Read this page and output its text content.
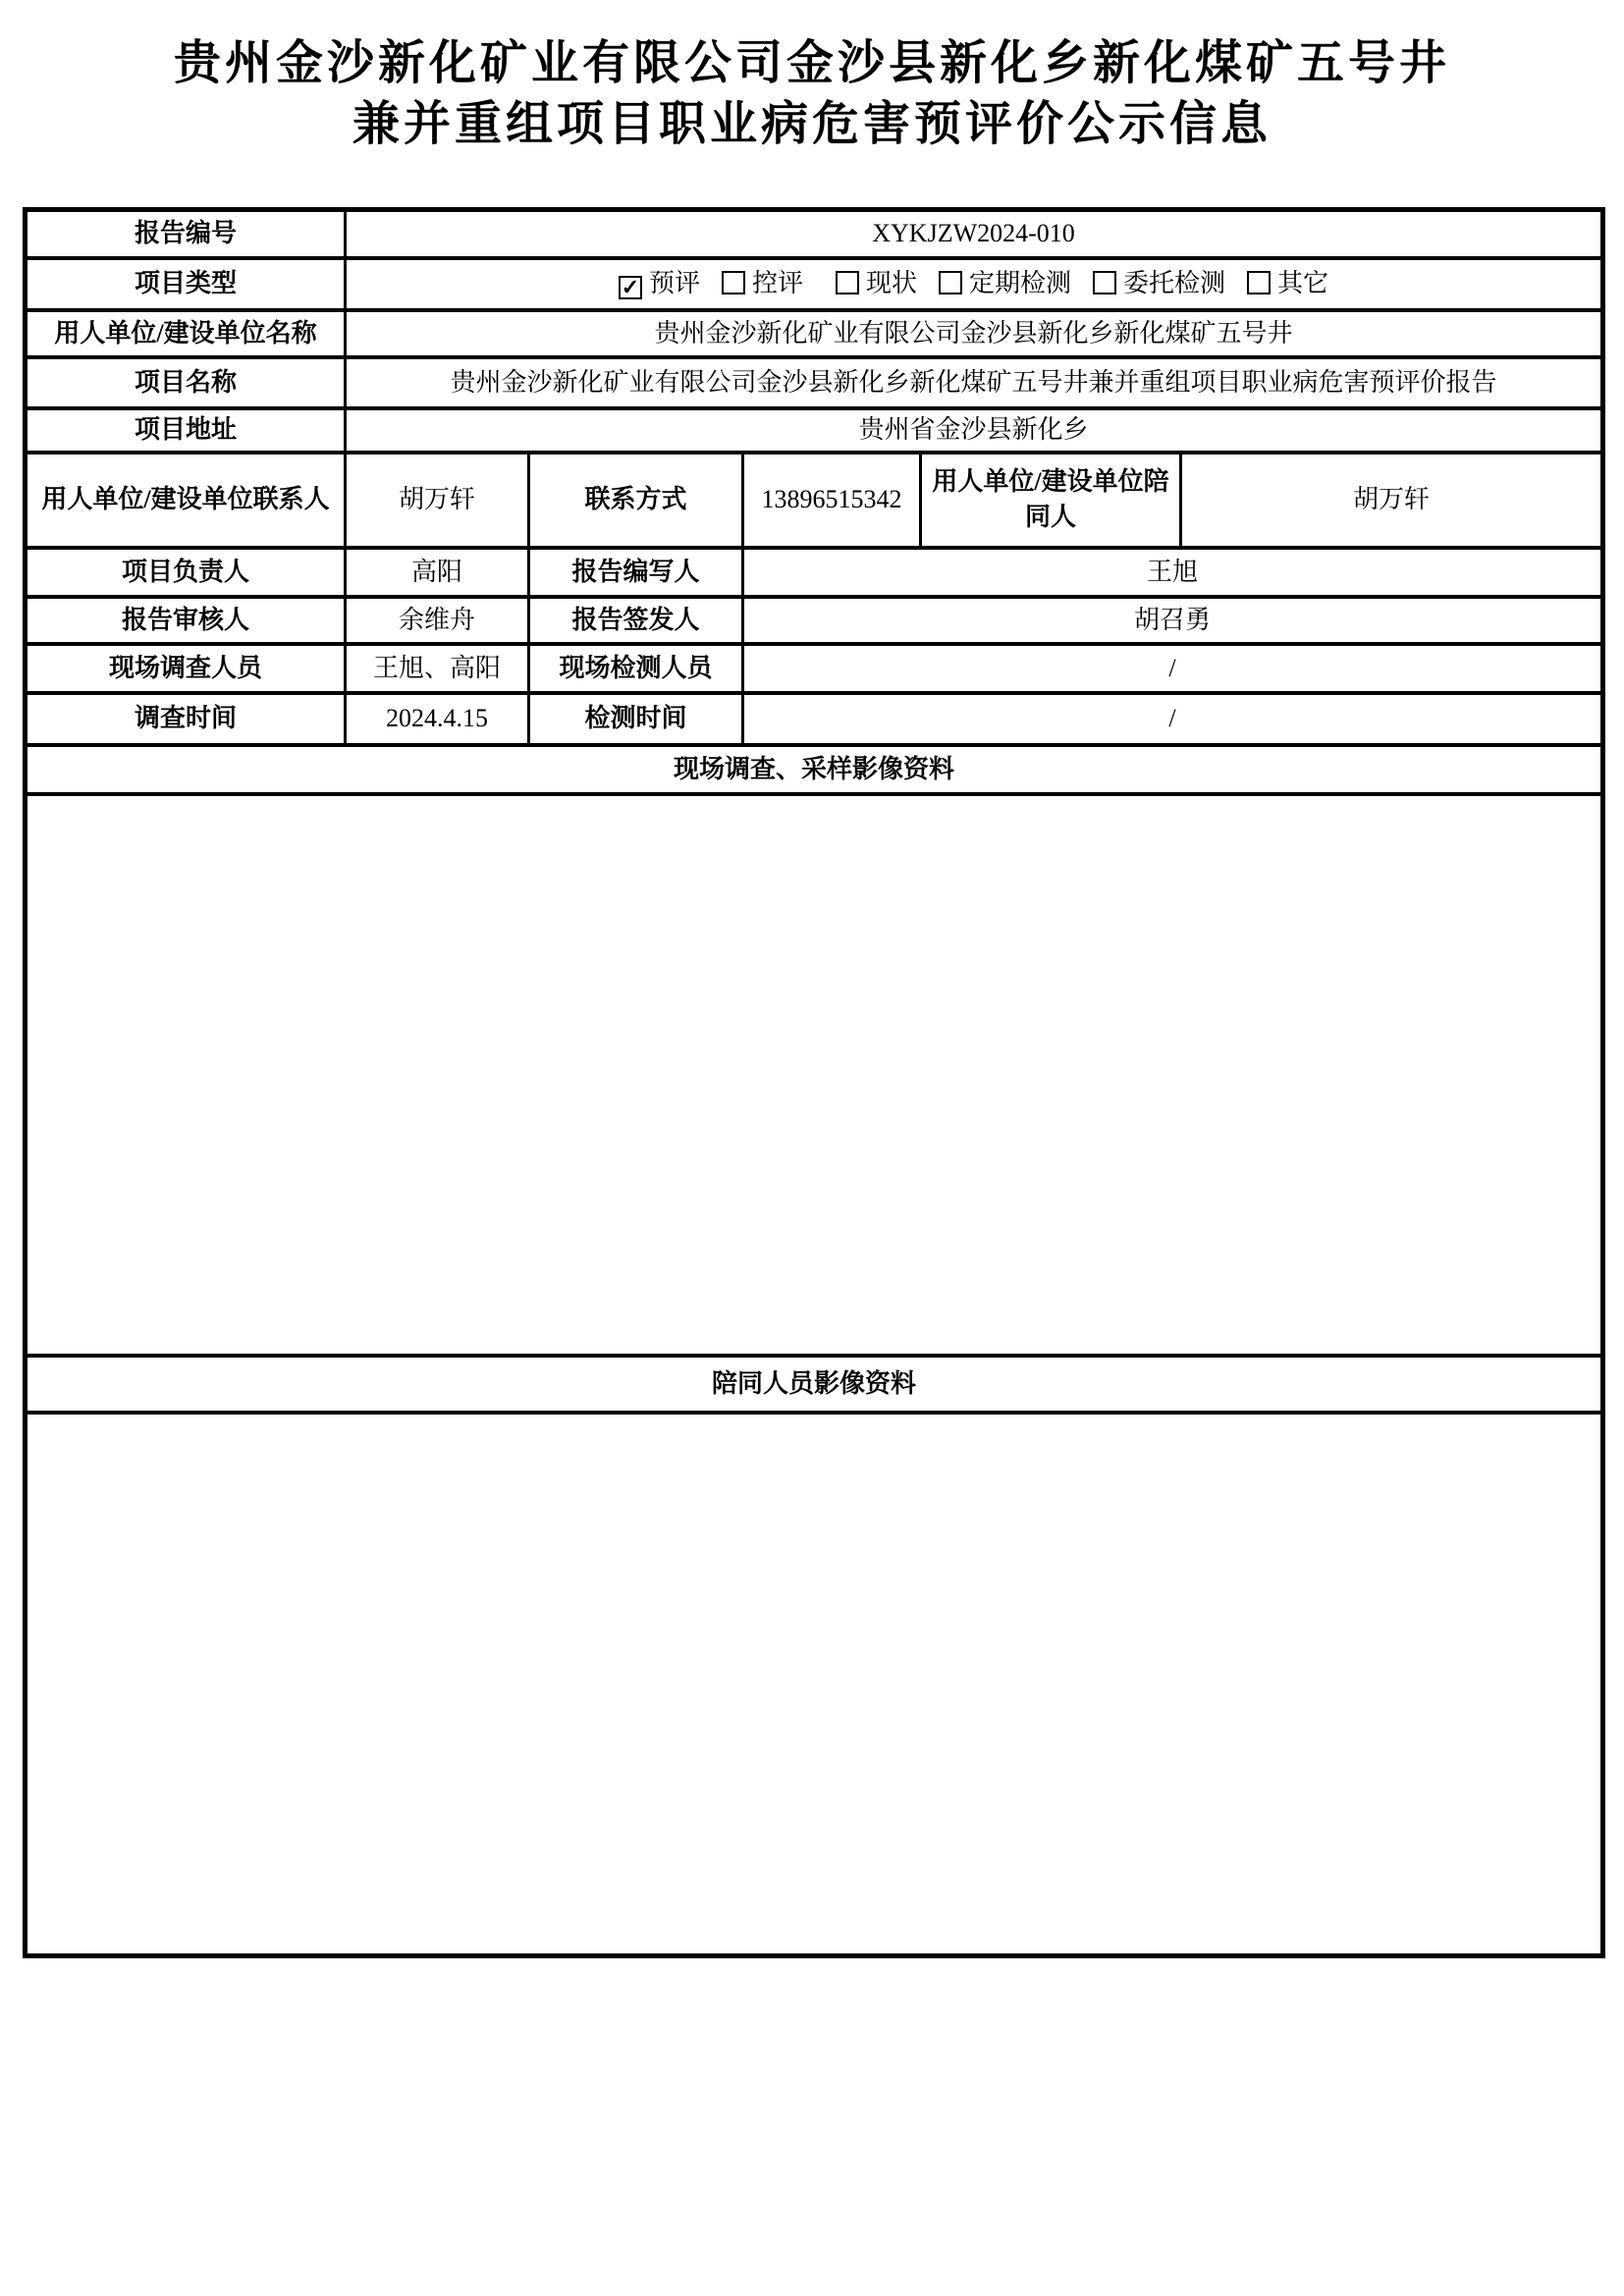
贵州金沙新化矿业有限公司金沙县新化乡新化煤矿五号井
兼并重组项目职业病危害预评价公示信息
报告编号	XYKJZW2024-010				
项目类型	✓ 预评 控评 现状 定期检测 委托检测 其它				
用人单位/建设单位名称	贵州金沙新化矿业有限公司金沙县新化乡新化煤矿五号井				
项目名称	贵州金沙新化矿业有限公司金沙县新化乡新化煤矿五号井兼并重组项目职业病危害预评价报告				
项目地址	贵州省金沙县新化乡				
用人单位/建设单位联系人	胡万轩	联系方式	13896515342	用人单位/建设单位陪同人	胡万轩
项目负责人	高阳	报告编写人	王旭		
报告审核人	余维舟	报告签发人	胡召勇		
现场调查人员	王旭、高阳	现场检测人员	/		
调查时间	2024.4.15	检测时间	/		
现场调查、采样影像资料					

陪同人员影像资料					
